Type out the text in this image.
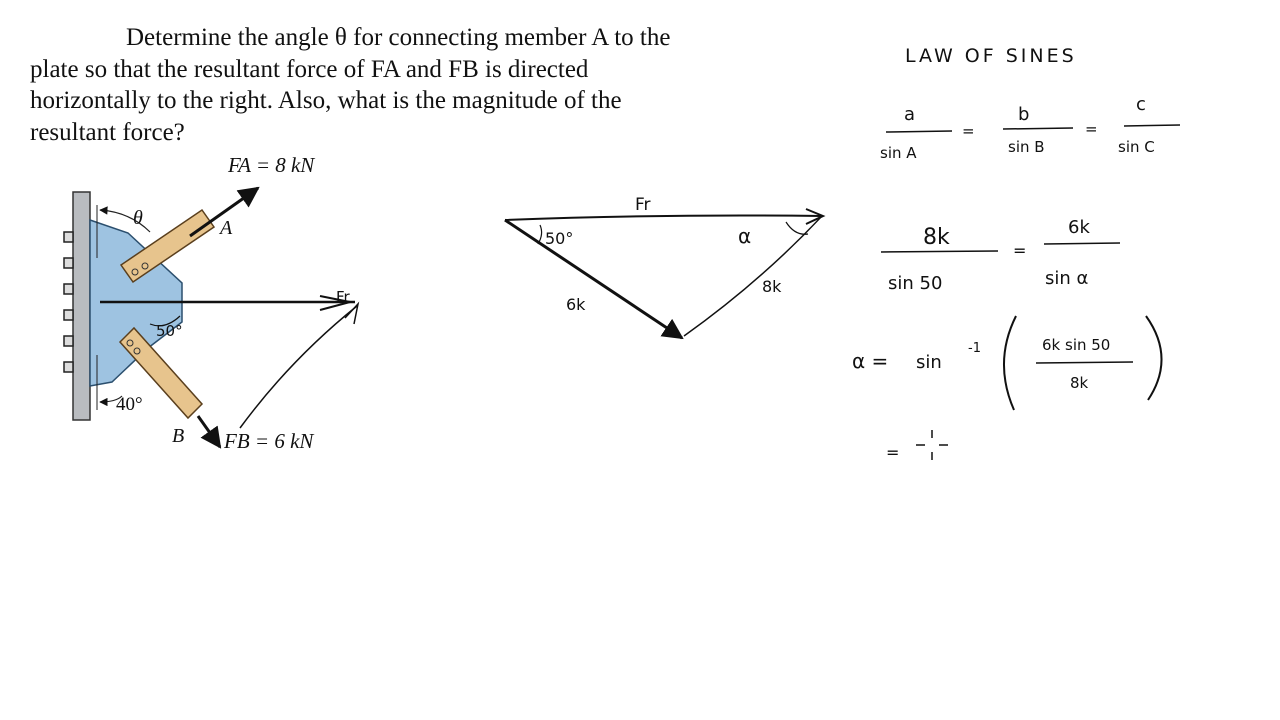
Determine the angle θ for connecting member A to the plate so that the resultant force of FA and FB is directed horizontally to the right. Also, what is the magnitude of the resultant force?
FA = 8 kN
FB = 6 kN
θ	A
B
40°
50°
Fr
Fr
50°	α
8k
6k
LAW OF SINES
a
sin A
=
b
sin B
=
c
sin C
8k
sin 50
=
6k
sin α
α = sin
-1	6k sin 50
8k
=
